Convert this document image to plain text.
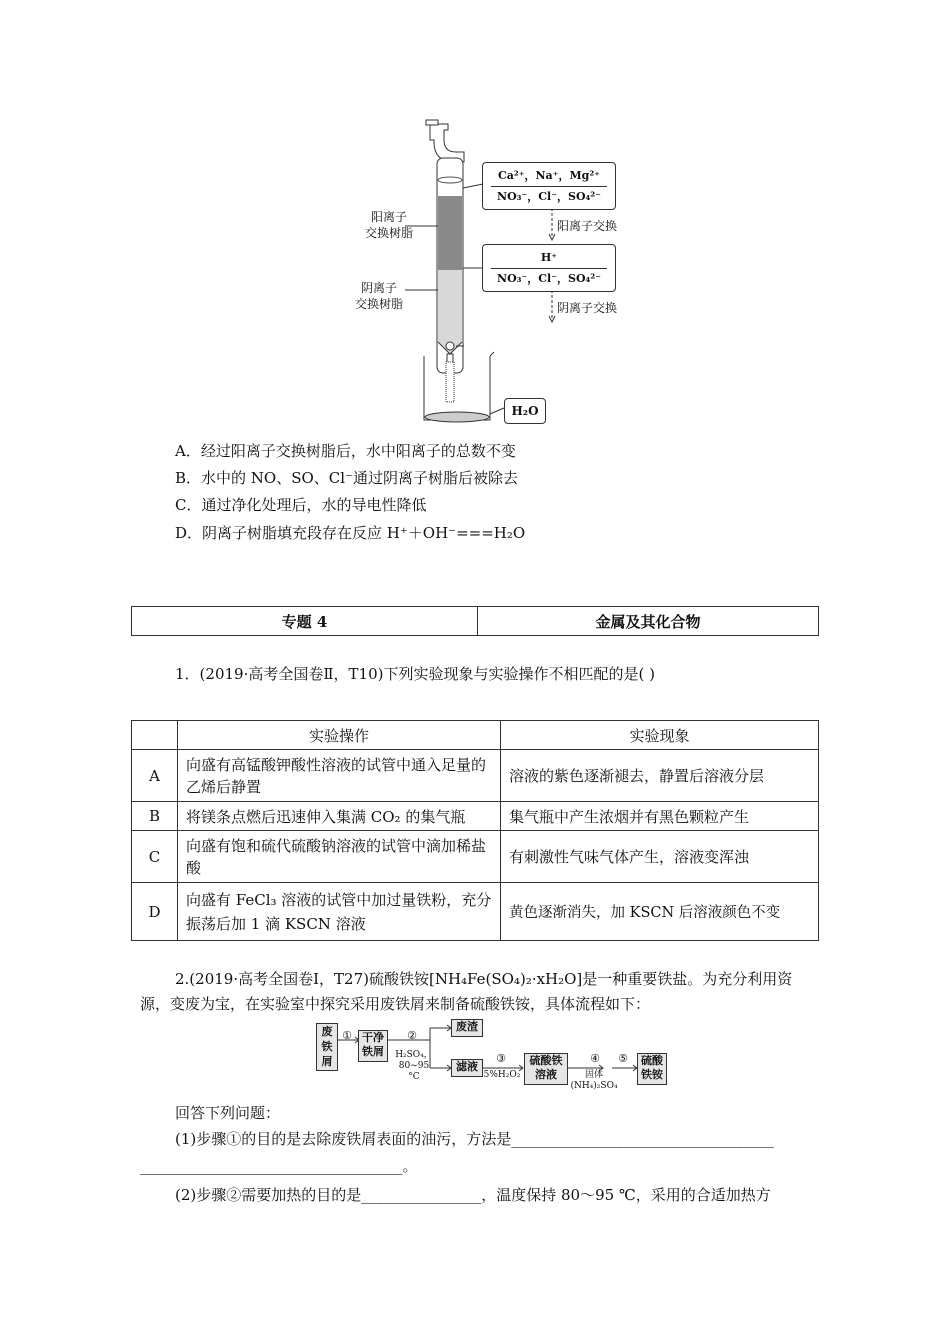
阳离子
交换树脂
阴离子
交换树脂
Ca²⁺，Na⁺，Mg²⁺
NO₃⁻，Cl⁻，SO₄²⁻
阳离子交换
H⁺
NO₃⁻，Cl⁻，SO₄²⁻
阴离子交换
H₂O
A．经过阳离子交换树脂后，水中阳离子的总数不变
B．水中的 NO、SO、Cl⁻通过阴离子树脂后被除去
C．通过净化处理后，水的导电性降低
D．阴离子树脂填充段存在反应 H⁺＋OH⁻===H₂O
专题 4	金属及其化合物
1．(2019·高考全国卷Ⅱ，T10)下列实验现象与实验操作不相匹配的是( )
	实验操作	实验现象
A	向盛有高锰酸钾酸性溶液的试管中通入足量的乙烯后静置	溶液的紫色逐渐褪去，静置后溶液分层
B	将镁条点燃后迅速伸入集满 CO₂ 的集气瓶	集气瓶中产生浓烟并有黑色颗粒产生
C	向盛有饱和硫代硫酸钠溶液的试管中滴加稀盐酸	有刺激性气味气体产生，溶液变浑浊
D	向盛有 FeCl₃ 溶液的试管中加过量铁粉，充分振荡后加 1 滴 KSCN 溶液	黄色逐渐消失，加 KSCN 后溶液颜色不变
2.(2019·高考全国卷Ⅰ，T27)硫酸铁铵[NH₄Fe(SO₄)₂·xH₂O]是一种重要铁盐。为充分利用资
源，变废为宝，在实验室中探究采用废铁屑来制备硫酸铁铵，具体流程如下：
废铁屑
① 干净铁屑
②
H₂SO₄，80~95 °C
废渣
滤液
③
5%H₂O₂
硫酸铁溶液
④
固体(NH₄)₂SO₄
⑤	硫酸铁铵
回答下列问题：
(1)步骤①的目的是去除废铁屑表面的油污，方法是___________________________________
___________________________________。
(2)步骤②需要加热的目的是________________，温度保持 80～95 ℃，采用的合适加热方
